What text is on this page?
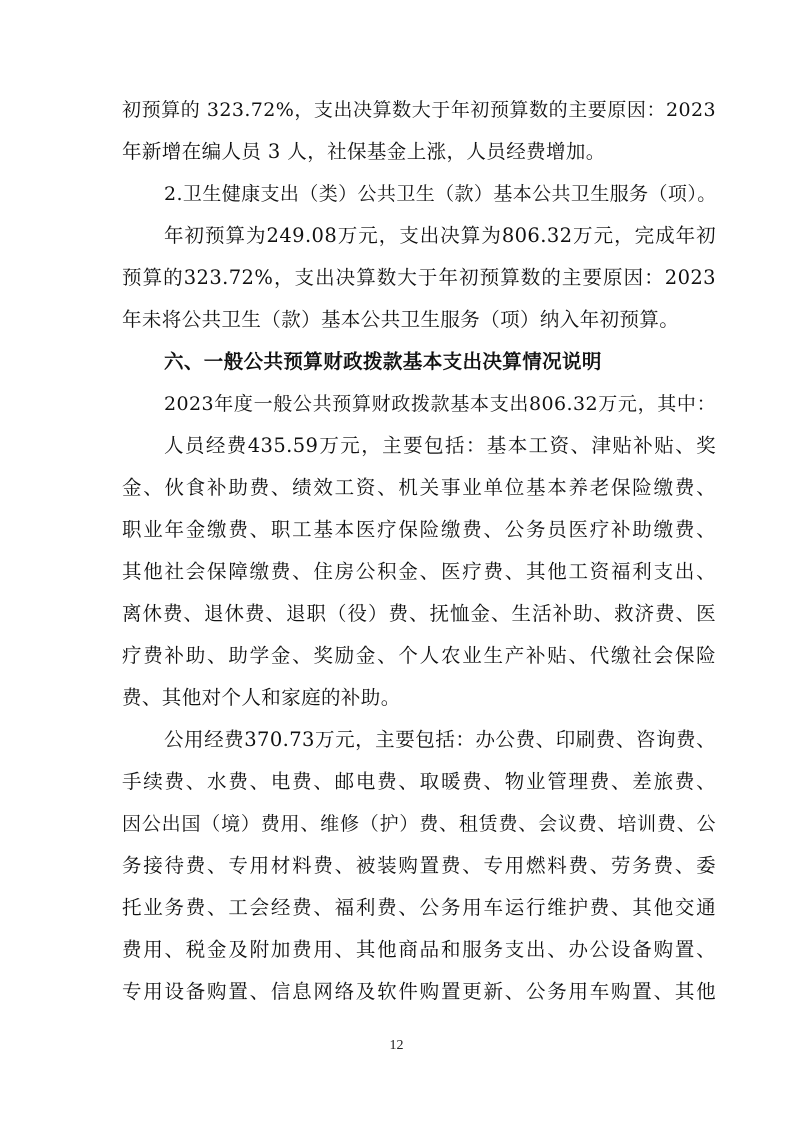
初预算的 323.72%，支出决算数大于年初预算数的主要原因：2023
年新增在编人员 3 人，社保基金上涨，人员经费增加。
2.卫生健康支出（类）公共卫生（款）基本公共卫生服务（项）。
年初预算为249.08万元，支出决算为806.32万元，完成年初
预算的323.72%，支出决算数大于年初预算数的主要原因：2023
年未将公共卫生（款）基本公共卫生服务（项）纳入年初预算。
六、一般公共预算财政拨款基本支出决算情况说明
2023年度一般公共预算财政拨款基本支出806.32万元，其中：
人员经费435.59万元，主要包括：基本工资、津贴补贴、奖
金、伙食补助费、绩效工资、机关事业单位基本养老保险缴费、
职业年金缴费、职工基本医疗保险缴费、公务员医疗补助缴费、
其他社会保障缴费、住房公积金、医疗费、其他工资福利支出、
离休费、退休费、退职（役）费、抚恤金、生活补助、救济费、医
疗费补助、助学金、奖励金、个人农业生产补贴、代缴社会保险
费、其他对个人和家庭的补助。
公用经费370.73万元，主要包括：办公费、印刷费、咨询费、
手续费、水费、电费、邮电费、取暖费、物业管理费、差旅费、
因公出国（境）费用、维修（护）费、租赁费、会议费、培训费、公
务接待费、专用材料费、被装购置费、专用燃料费、劳务费、委
托业务费、工会经费、福利费、公务用车运行维护费、其他交通
费用、税金及附加费用、其他商品和服务支出、办公设备购置、
专用设备购置、信息网络及软件购置更新、公务用车购置、其他
12
